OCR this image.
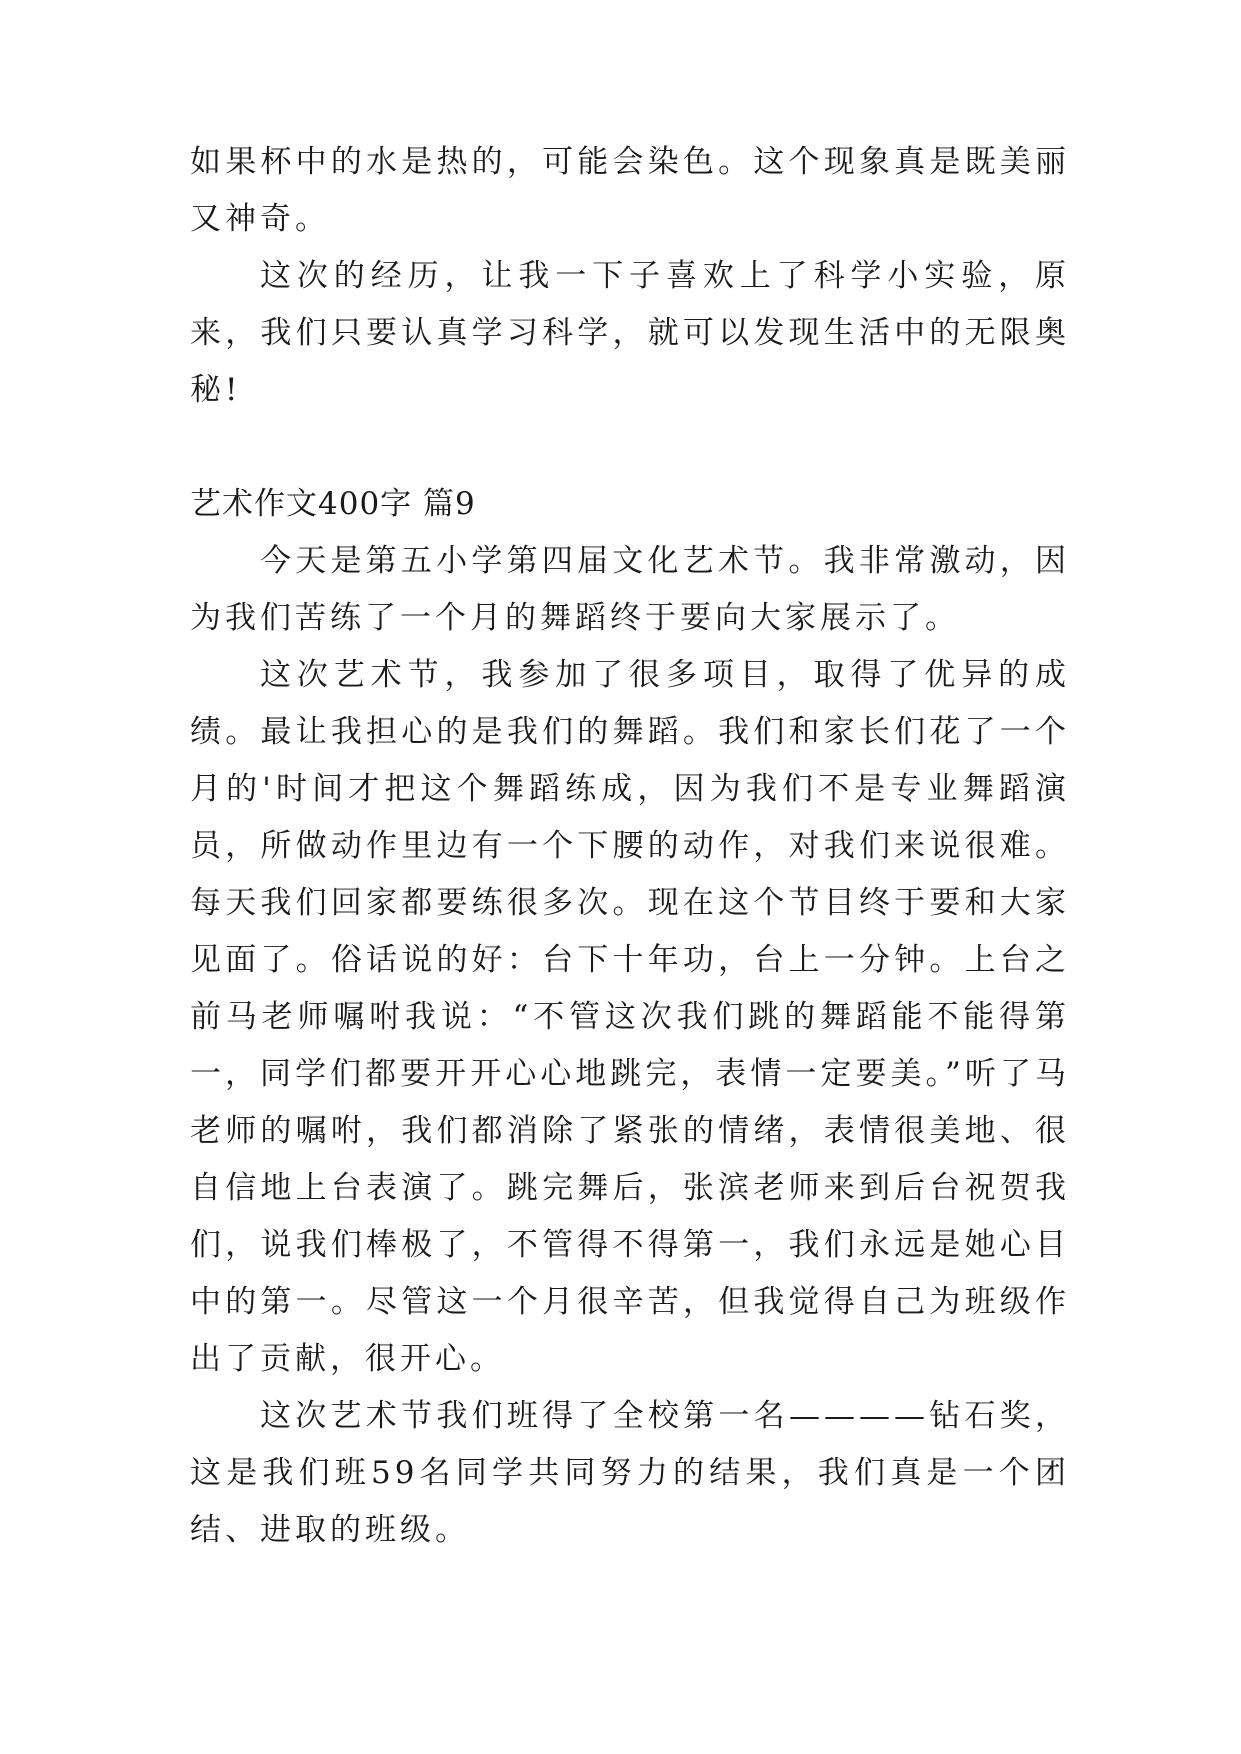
如果杯中的水是热的，可能会染色。这个现象真是既美丽又神奇。

这次的经历，让我一下子喜欢上了科学小实验，原来，我们只要认真学习科学，就可以发现生活中的无限奥秘!

艺术作文400字 篇9

今天是第五小学第四届文化艺术节。我非常激动，因为我们苦练了一个月的舞蹈终于要向大家展示了。

这次艺术节，我参加了很多项目，取得了优异的成绩。最让我担心的是我们的舞蹈。我们和家长们花了一个月的'时间才把这个舞蹈练成，因为我们不是专业舞蹈演员，所做动作里边有一个下腰的动作，对我们来说很难。每天我们回家都要练很多次。现在这个节目终于要和大家见面了。俗话说的好：台下十年功，台上一分钟。上台之前马老师嘱咐我说：“不管这次我们跳的舞蹈能不能得第一，同学们都要开开心心地跳完，表情一定要美。”听了马老师的嘱咐，我们都消除了紧张的情绪，表情很美地、很自信地上台表演了。跳完舞后，张滨老师来到后台祝贺我们，说我们棒极了，不管得不得第一，我们永远是她心目中的第一。尽管这一个月很辛苦，但我觉得自己为班级作出了贡献，很开心。

这次艺术节我们班得了全校第一名————钻石奖，这是我们班59名同学共同努力的结果，我们真是一个团结、进取的班级。
